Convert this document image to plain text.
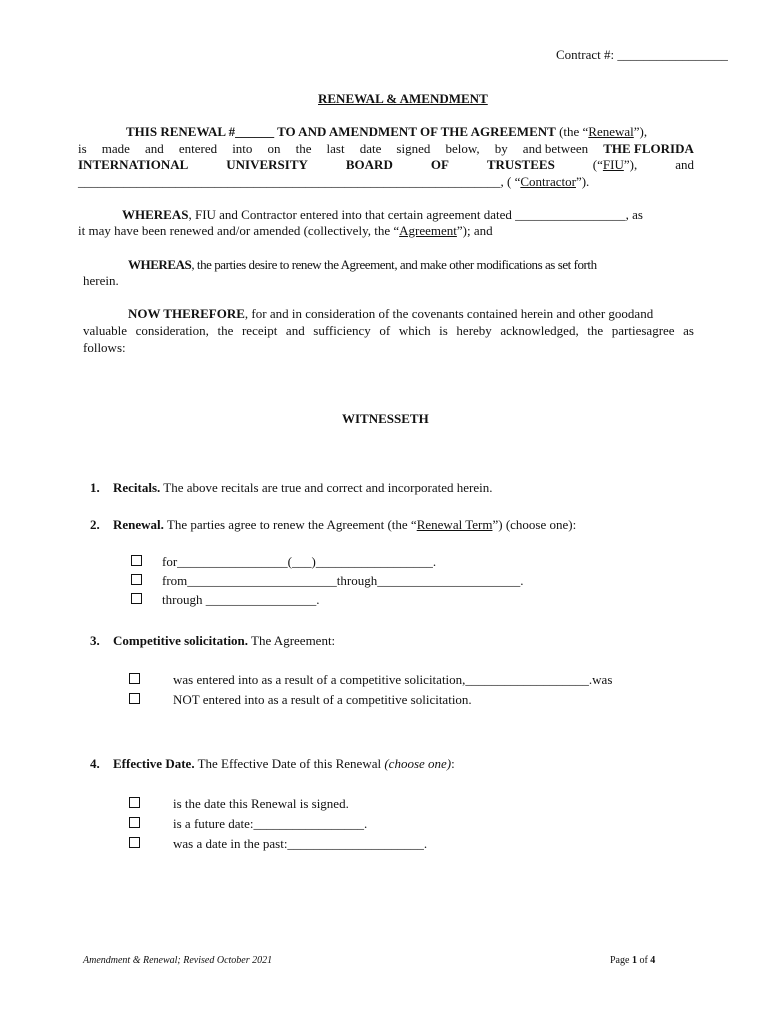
Contract #: _________________
RENEWAL & AMENDMENT
THIS RENEWAL #______ TO AND AMENDMENT OF THE AGREEMENT (the “Renewal”),
is made and entered into on the last date signed below, by and between THE FLORIDA
INTERNATIONAL	UNIVERSITY	BOARD	OF	TRUSTEES	(“FIU”),	and
_________________________________________________________________, ( “Contractor”).
WHEREAS, FIU and Contractor entered into that certain agreement dated _________________, as
it may have been renewed and/or amended (collectively, the “Agreement”); and
WHEREAS, the parties desire to renew the Agreement, and make other modifications as set forth
herein.
NOW THEREFORE, for and in consideration of the covenants contained herein and other goodand
valuable consideration, the receipt and sufficiency of which is hereby acknowledged, the partiesagree as
follows:
WITNESSETH
1. Recitals. The above recitals are true and correct and incorporated herein.
2. Renewal. The parties agree to renew the Agreement (the “Renewal Term”) (choose one):
for_________________(___)__________________.
from_______________________through______________________.
through _________________.
3. Competitive solicitation. The Agreement:
was entered into as a result of a competitive solicitation,___________________.was
NOT entered into as a result of a competitive solicitation.
4. Effective Date. The Effective Date of this Renewal (choose one):
is the date this Renewal is signed.
is a future date:_________________.
was a date in the past:_____________________.
Amendment & Renewal; Revised October 2021	Page 1 of 4
